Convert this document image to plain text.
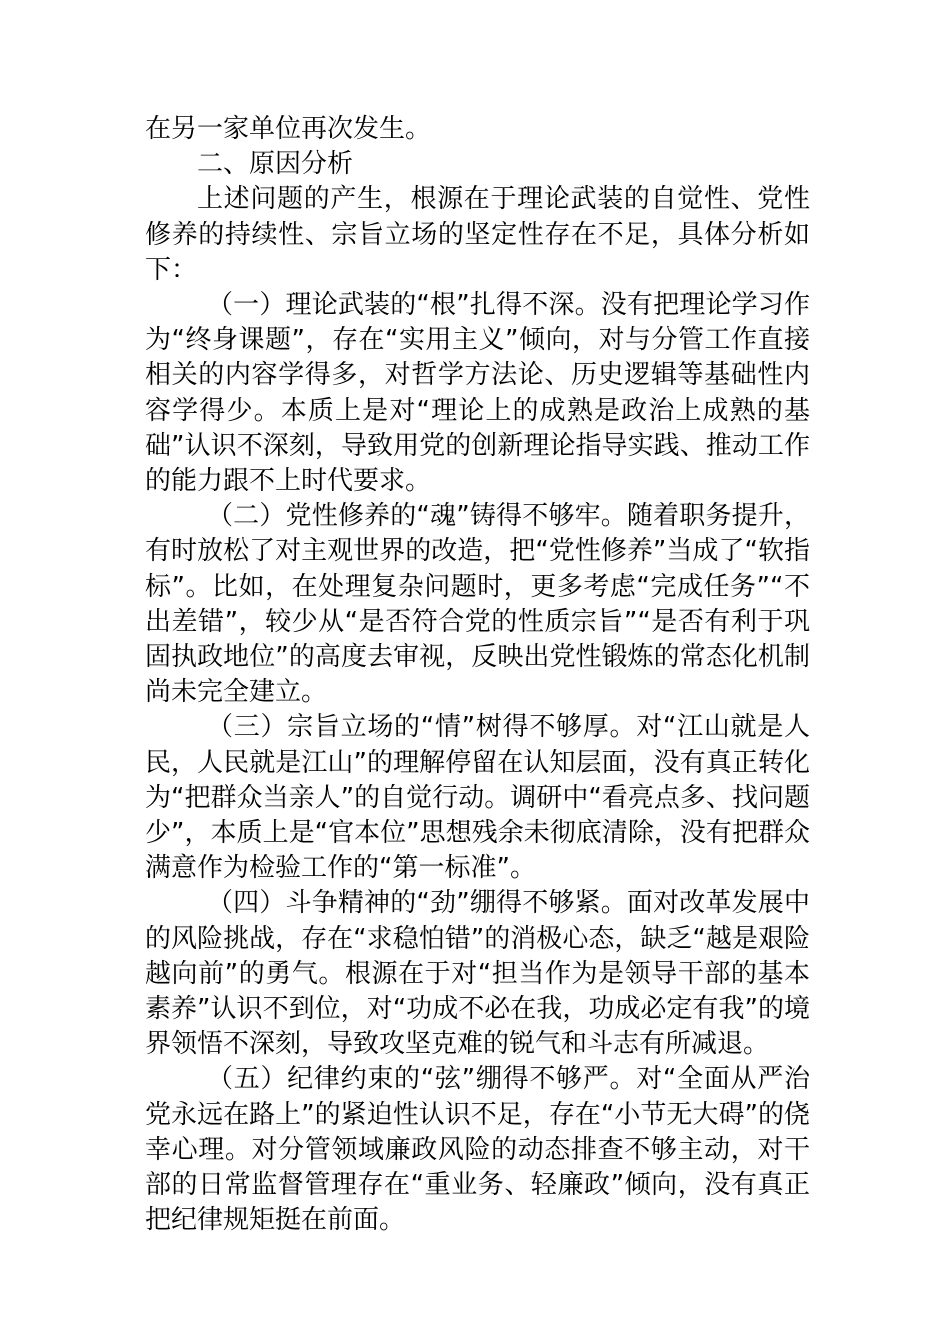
在另一家单位再次发生。

二、原因分析

上述问题的产生，根源在于理论武装的自觉性、党性修养的持续性、宗旨立场的坚定性存在不足，具体分析如下：

（一）理论武装的“根”扎得不深。没有把理论学习作为“终身课题”，存在“实用主义”倾向，对与分管工作直接相关的内容学得多，对哲学方法论、历史逻辑等基础性内容学得少。本质上是对“理论上的成熟是政治上成熟的基础”认识不深刻，导致用党的创新理论指导实践、推动工作的能力跟不上时代要求。

（二）党性修养的“魂”铸得不够牢。随着职务提升，有时放松了对主观世界的改造，把“党性修养”当成了“软指标”。比如，在处理复杂问题时，更多考虑“完成任务”“不出差错”，较少从“是否符合党的性质宗旨”“是否有利于巩固执政地位”的高度去审视，反映出党性锻炼的常态化机制尚未完全建立。

（三）宗旨立场的“情”树得不够厚。对“江山就是人民，人民就是江山”的理解停留在认知层面，没有真正转化为“把群众当亲人”的自觉行动。调研中“看亮点多、找问题少”，本质上是“官本位”思想残余未彻底清除，没有把群众满意作为检验工作的“第一标准”。

（四）斗争精神的“劲”绷得不够紧。面对改革发展中的风险挑战，存在“求稳怕错”的消极心态，缺乏“越是艰险越向前”的勇气。根源在于对“担当作为是领导干部的基本素养”认识不到位，对“功成不必在我，功成必定有我”的境界领悟不深刻，导致攻坚克难的锐气和斗志有所减退。

（五）纪律约束的“弦”绷得不够严。对“全面从严治党永远在路上”的紧迫性认识不足，存在“小节无大碍”的侥幸心理。对分管领域廉政风险的动态排查不够主动，对干部的日常监督管理存在“重业务、轻廉政”倾向，没有真正把纪律规矩挺在前面。
